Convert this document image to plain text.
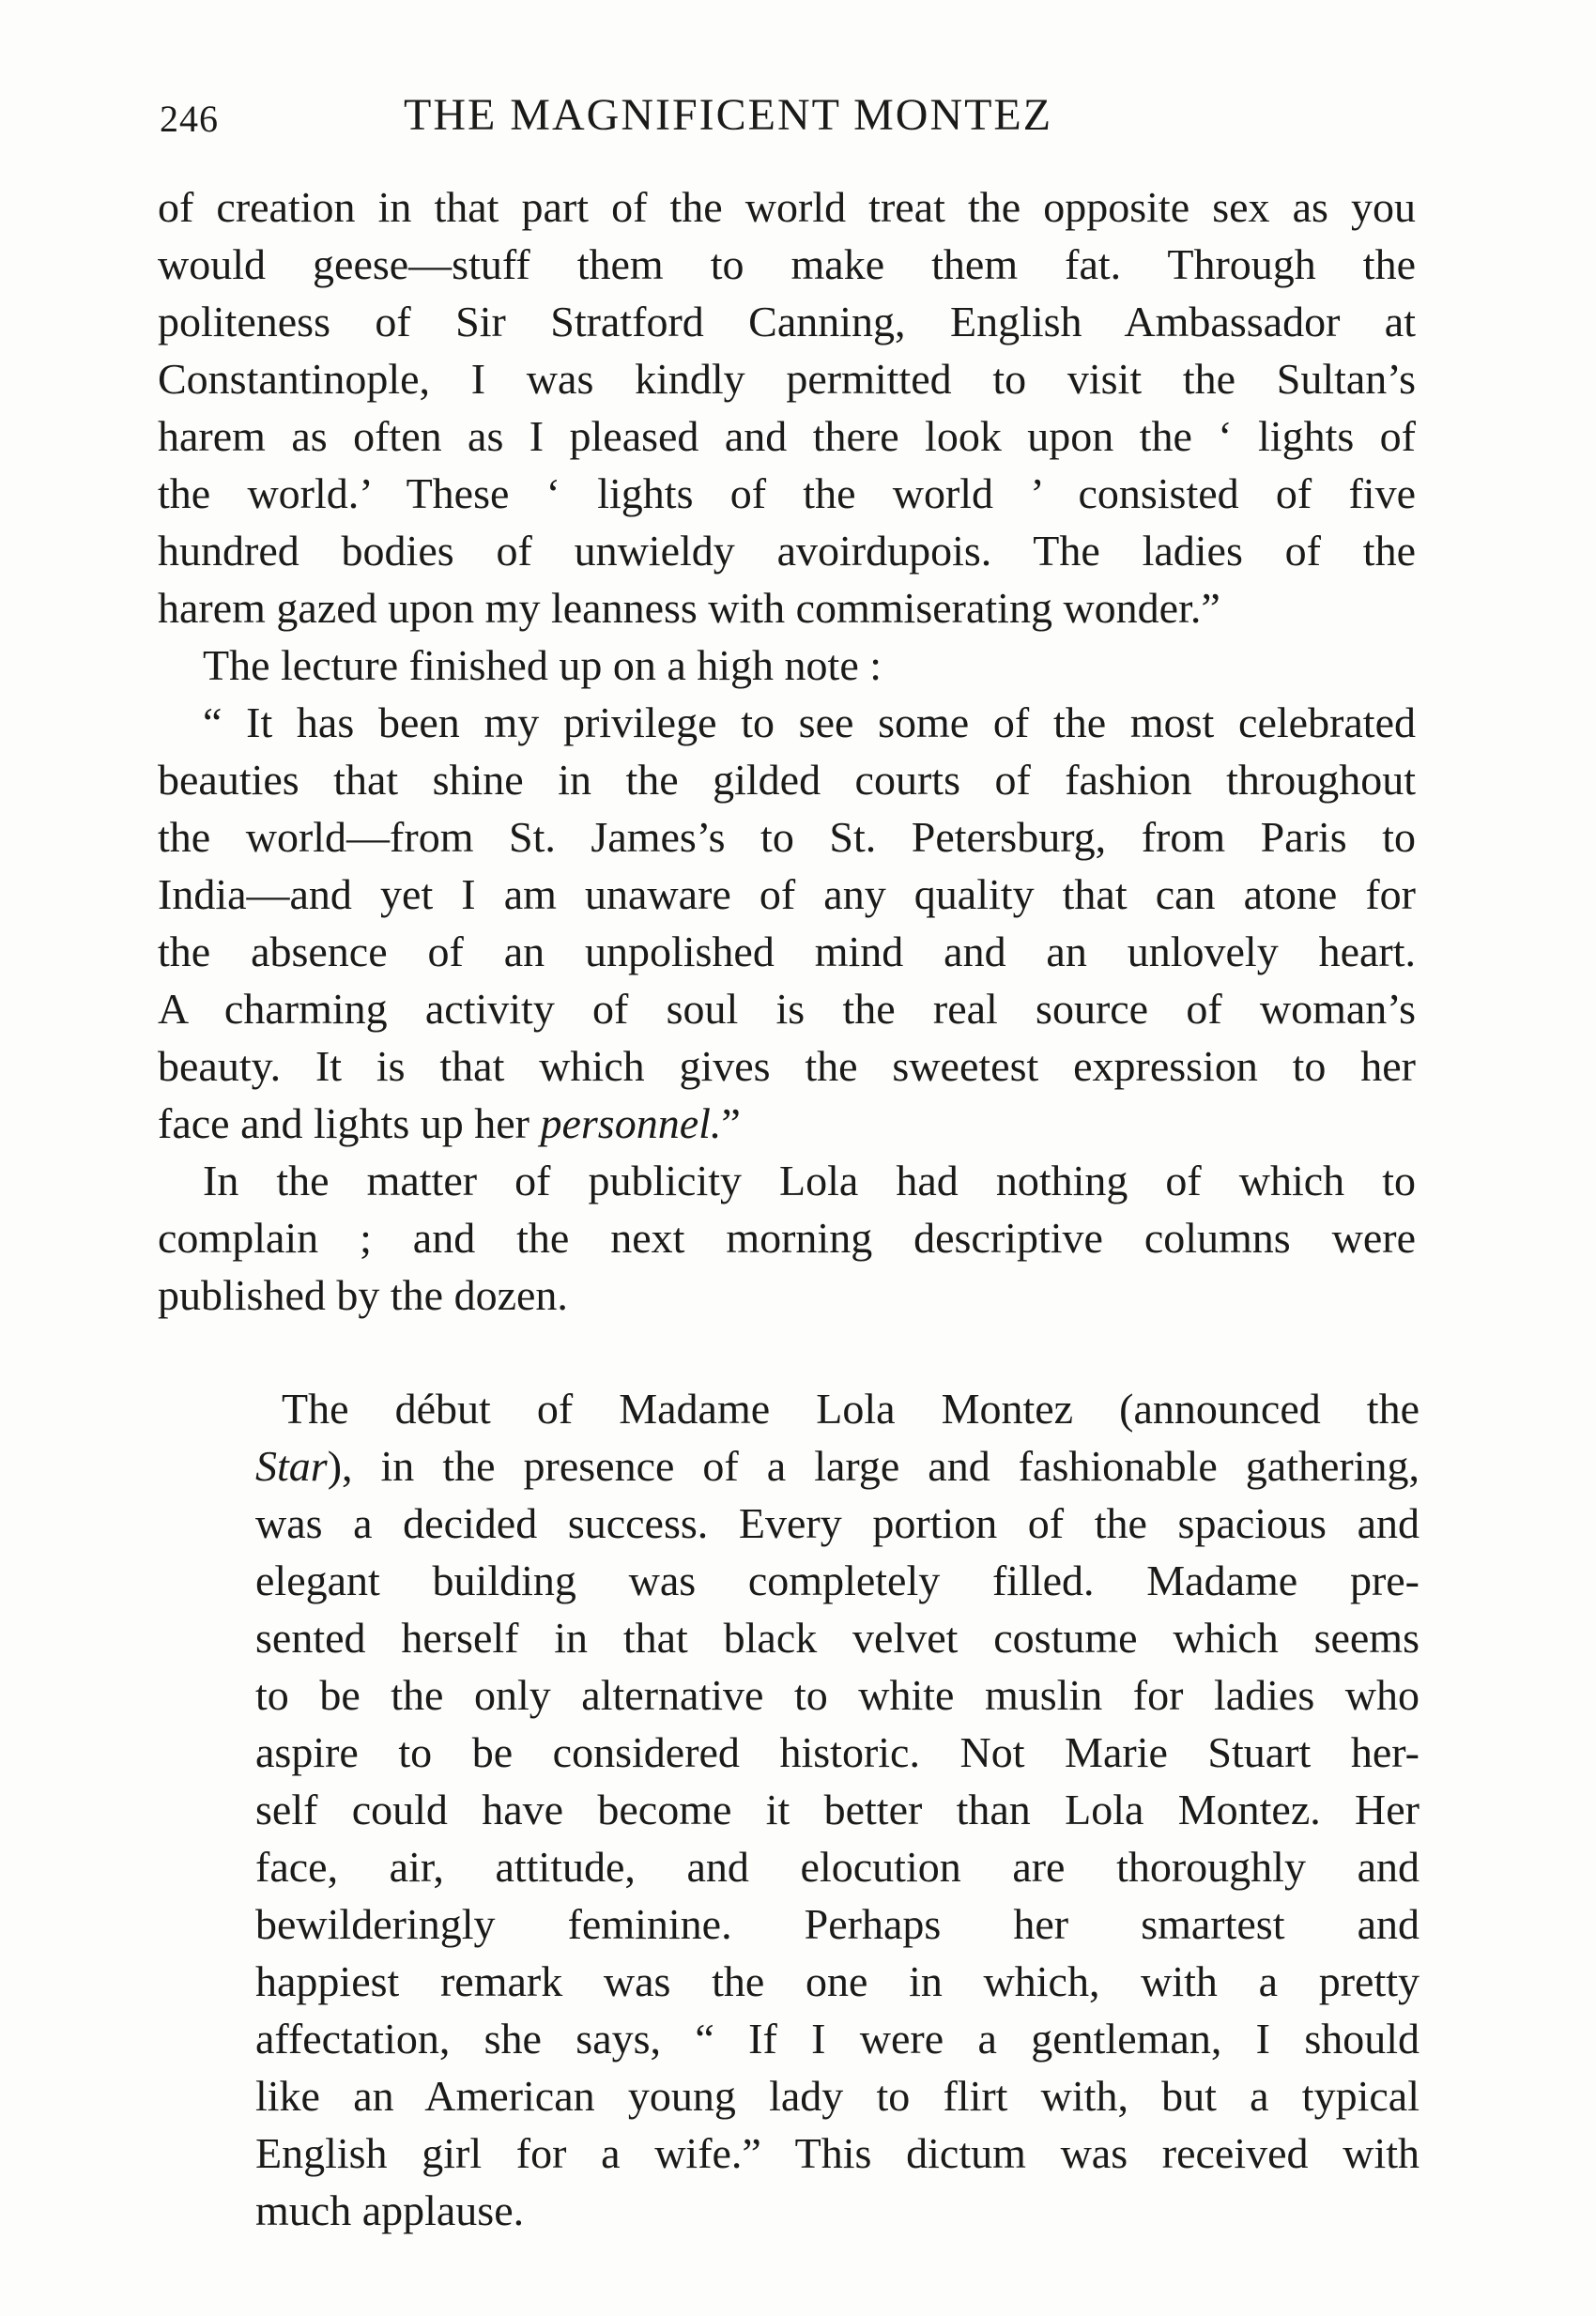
246	THE MAGNIFICENT MONTEZ
of creation in that part of the world treat the opposite sex as you
would geese—stuff them to make them fat. Through the
politeness of Sir Stratford Canning, English Ambassador at
Constantinople, I was kindly permitted to visit the Sultan’s
harem as often as I pleased and there look upon the ‘ lights of
the world.’ These ‘ lights of the world ’ consisted of five
hundred bodies of unwieldy avoirdupois. The ladies of the
harem gazed upon my leanness with commiserating wonder.”
The lecture finished up on a high note :
“ It has been my privilege to see some of the most celebrated
beauties that shine in the gilded courts of fashion throughout
the world—from St. James’s to St. Petersburg, from Paris to
India—and yet I am unaware of any quality that can atone for
the absence of an unpolished mind and an unlovely heart.
A charming activity of soul is the real source of woman’s
beauty. It is that which gives the sweetest expression to her
face and lights up her personnel.”
In the matter of publicity Lola had nothing of which to
complain ; and the next morning descriptive columns were
published by the dozen.
The début of Madame Lola Montez (announced the
Star), in the presence of a large and fashionable gathering,
was a decided success. Every portion of the spacious and
elegant building was completely filled. Madame pre-
sented herself in that black velvet costume which seems
to be the only alternative to white muslin for ladies who
aspire to be considered historic. Not Marie Stuart her-
self could have become it better than Lola Montez. Her
face, air, attitude, and elocution are thoroughly and
bewilderingly feminine. Perhaps her smartest and
happiest remark was the one in which, with a pretty
affectation, she says, “ If I were a gentleman, I should
like an American young lady to flirt with, but a typical
English girl for a wife.” This dictum was received with
much applause.
